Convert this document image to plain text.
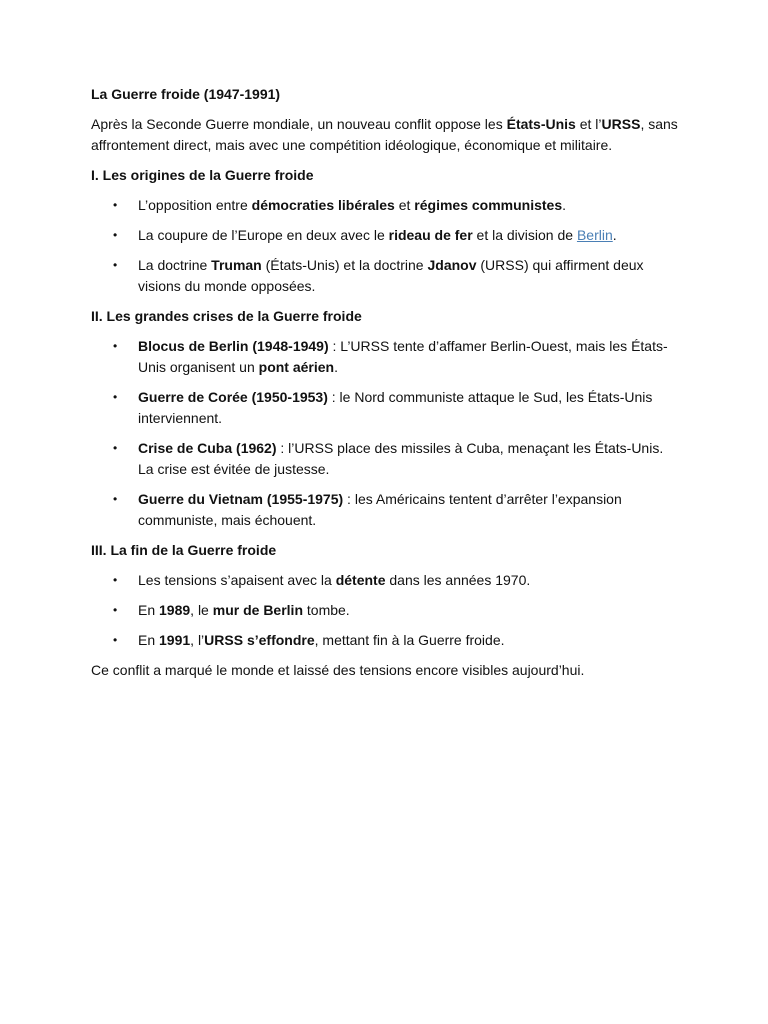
La Guerre froide (1947-1991)

Après la Seconde Guerre mondiale, un nouveau conflit oppose les États-Unis et l’URSS, sans affrontement direct, mais avec une compétition idéologique, économique et militaire.

I. Les origines de la Guerre froide
• L’opposition entre démocraties libérales et régimes communistes.
• La coupure de l’Europe en deux avec le rideau de fer et la division de Berlin.
• La doctrine Truman (États-Unis) et la doctrine Jdanov (URSS) qui affirment deux visions du monde opposées.
II. Les grandes crises de la Guerre froide
• Blocus de Berlin (1948-1949) : L’URSS tente d’affamer Berlin-Ouest, mais les États-Unis organisent un pont aérien.
• Guerre de Corée (1950-1953) : le Nord communiste attaque le Sud, les États-Unis interviennent.
• Crise de Cuba (1962) : l’URSS place des missiles à Cuba, menaçant les États-Unis. La crise est évitée de justesse.
• Guerre du Vietnam (1955-1975) : les Américains tentent d’arrêter l’expansion communiste, mais échouent.
III. La fin de la Guerre froide
• Les tensions s’apaisent avec la détente dans les années 1970.
• En 1989, le mur de Berlin tombe.
• En 1991, l’URSS s’effondre, mettant fin à la Guerre froide.

Ce conflit a marqué le monde et laissé des tensions encore visibles aujourd’hui.
